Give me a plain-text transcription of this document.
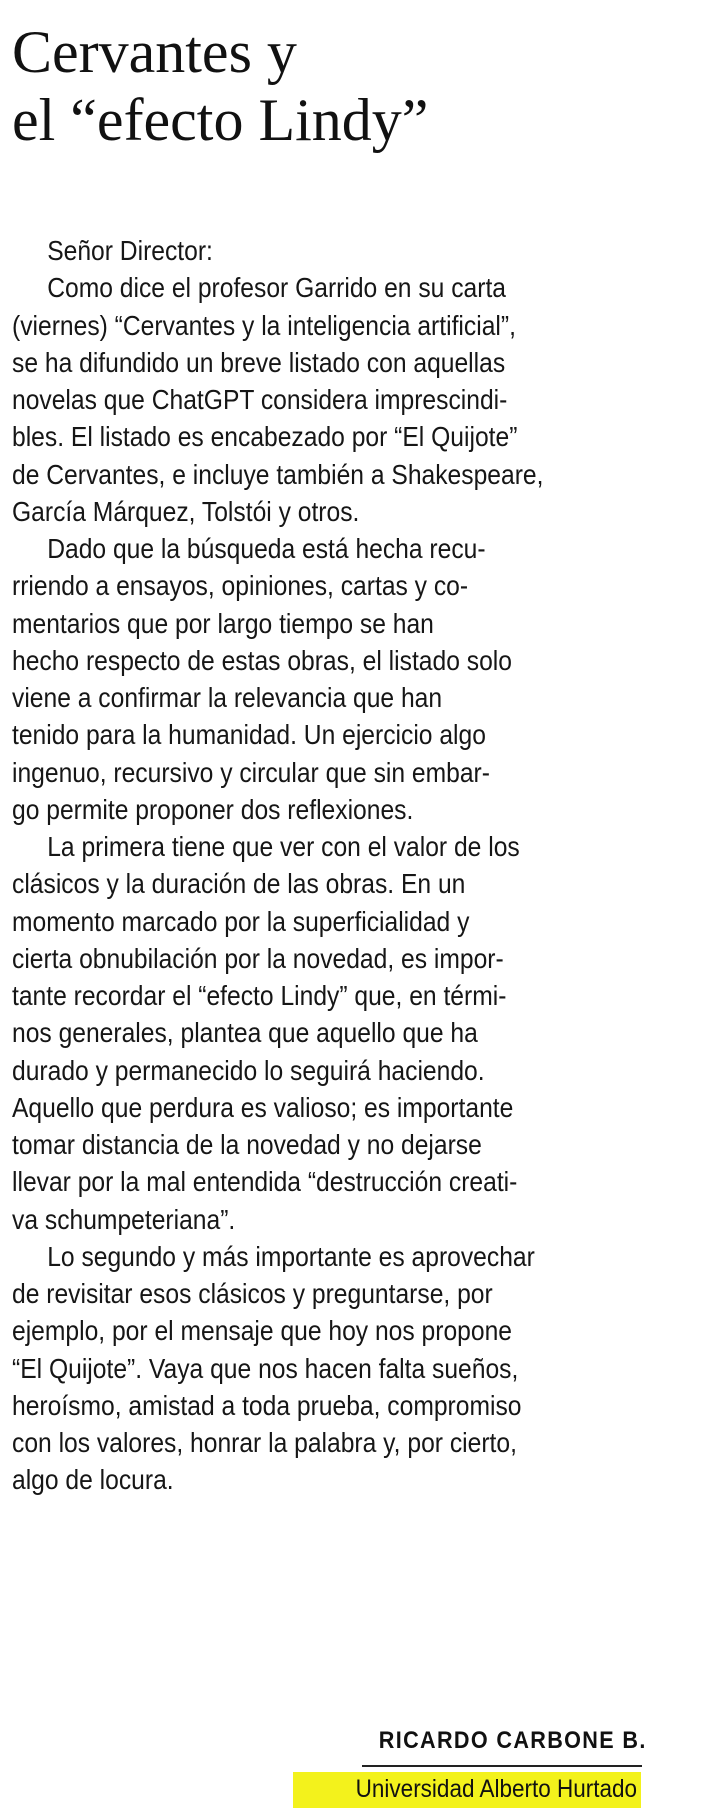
Cervantes y
el “efecto Lindy”
Señor Director:
Como dice el profesor Garrido en su carta
(viernes) “Cervantes y la inteligencia artificial”,
se ha difundido un breve listado con aquellas
novelas que ChatGPT considera imprescindi-
bles. El listado es encabezado por “El Quijote”
de Cervantes, e incluye también a Shakespeare,
García Márquez, Tolstói y otros.
Dado que la búsqueda está hecha recu-
rriendo a ensayos, opiniones, cartas y co-
mentarios que por largo tiempo se han
hecho respecto de estas obras, el listado solo
viene a confirmar la relevancia que han
tenido para la humanidad. Un ejercicio algo
ingenuo, recursivo y circular que sin embar-
go permite proponer dos reflexiones.
La primera tiene que ver con el valor de los
clásicos y la duración de las obras. En un
momento marcado por la superficialidad y
cierta obnubilación por la novedad, es impor-
tante recordar el “efecto Lindy” que, en térmi-
nos generales, plantea que aquello que ha
durado y permanecido lo seguirá haciendo.
Aquello que perdura es valioso; es importante
tomar distancia de la novedad y no dejarse
llevar por la mal entendida “destrucción creati-
va schumpeteriana”.
Lo segundo y más importante es aprovechar
de revisitar esos clásicos y preguntarse, por
ejemplo, por el mensaje que hoy nos propone
“El Quijote”. Vaya que nos hacen falta sueños,
heroísmo, amistad a toda prueba, compromiso
con los valores, honrar la palabra y, por cierto,
algo de locura.
RICARDO CARBONE B.
Universidad Alberto Hurtado
